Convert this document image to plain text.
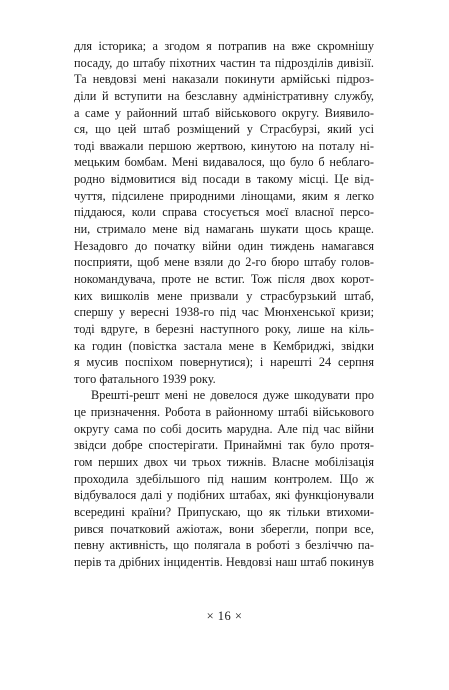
для історика; а згодом я потрапив на вже скромнішу
посаду, до штабу піхотних частин та підрозділів дивізії.
Та невдовзі мені наказали покинути армійські підроз-
діли й вступити на безславну адміністративну службу,
а саме у районний штаб військового округу. Виявило-
ся, що цей штаб розміщений у Страсбурзі, який усі
тоді вважали першою жертвою, кинутою на поталу ні-
мецьким бомбам. Мені видавалося, що було б неблаго-
родно відмовитися від посади в такому місці. Це від-
чуття, підсилене природними лінощами, яким я легко
піддаюся, коли справа стосується моєї власної персо-
ни, стримало мене від намагань шукати щось краще.
Незадовго до початку війни один тиждень намагався
посприяти, щоб мене взяли до 2-го бюро штабу голов-
нокомандувача, проте не встиг. Тож після двох корот-
ких вишколів мене призвали у страсбурзький штаб,
спершу у вересні 1938-го під час Мюнхенської кризи;
тоді вдруге, в березні наступного року, лише на кіль-
ка годин (повістка застала мене в Кембриджі, звідки
я мусив поспіхом повернутися); і нарешті 24 серпня
того фатального 1939 року.
Врешті-решт мені не довелося дуже шкодувати про
це призначення. Робота в районному штабі військового
округу сама по собі досить марудна. Але під час війни
звідси добре спостерігати. Принаймні так було протя-
гом перших двох чи трьох тижнів. Власне мобілізація
проходила здебільшого під нашим контролем. Що ж
відбувалося далі у подібних штабах, які функціонували
всередині країни? Припускаю, що як тільки втихоми-
рився початковий ажіотаж, вони зберегли, попри все,
певну активність, що полягала в роботі з безліччю па-
перів та дрібних інцидентів. Невдовзі наш штаб покинув
× 16 ×
